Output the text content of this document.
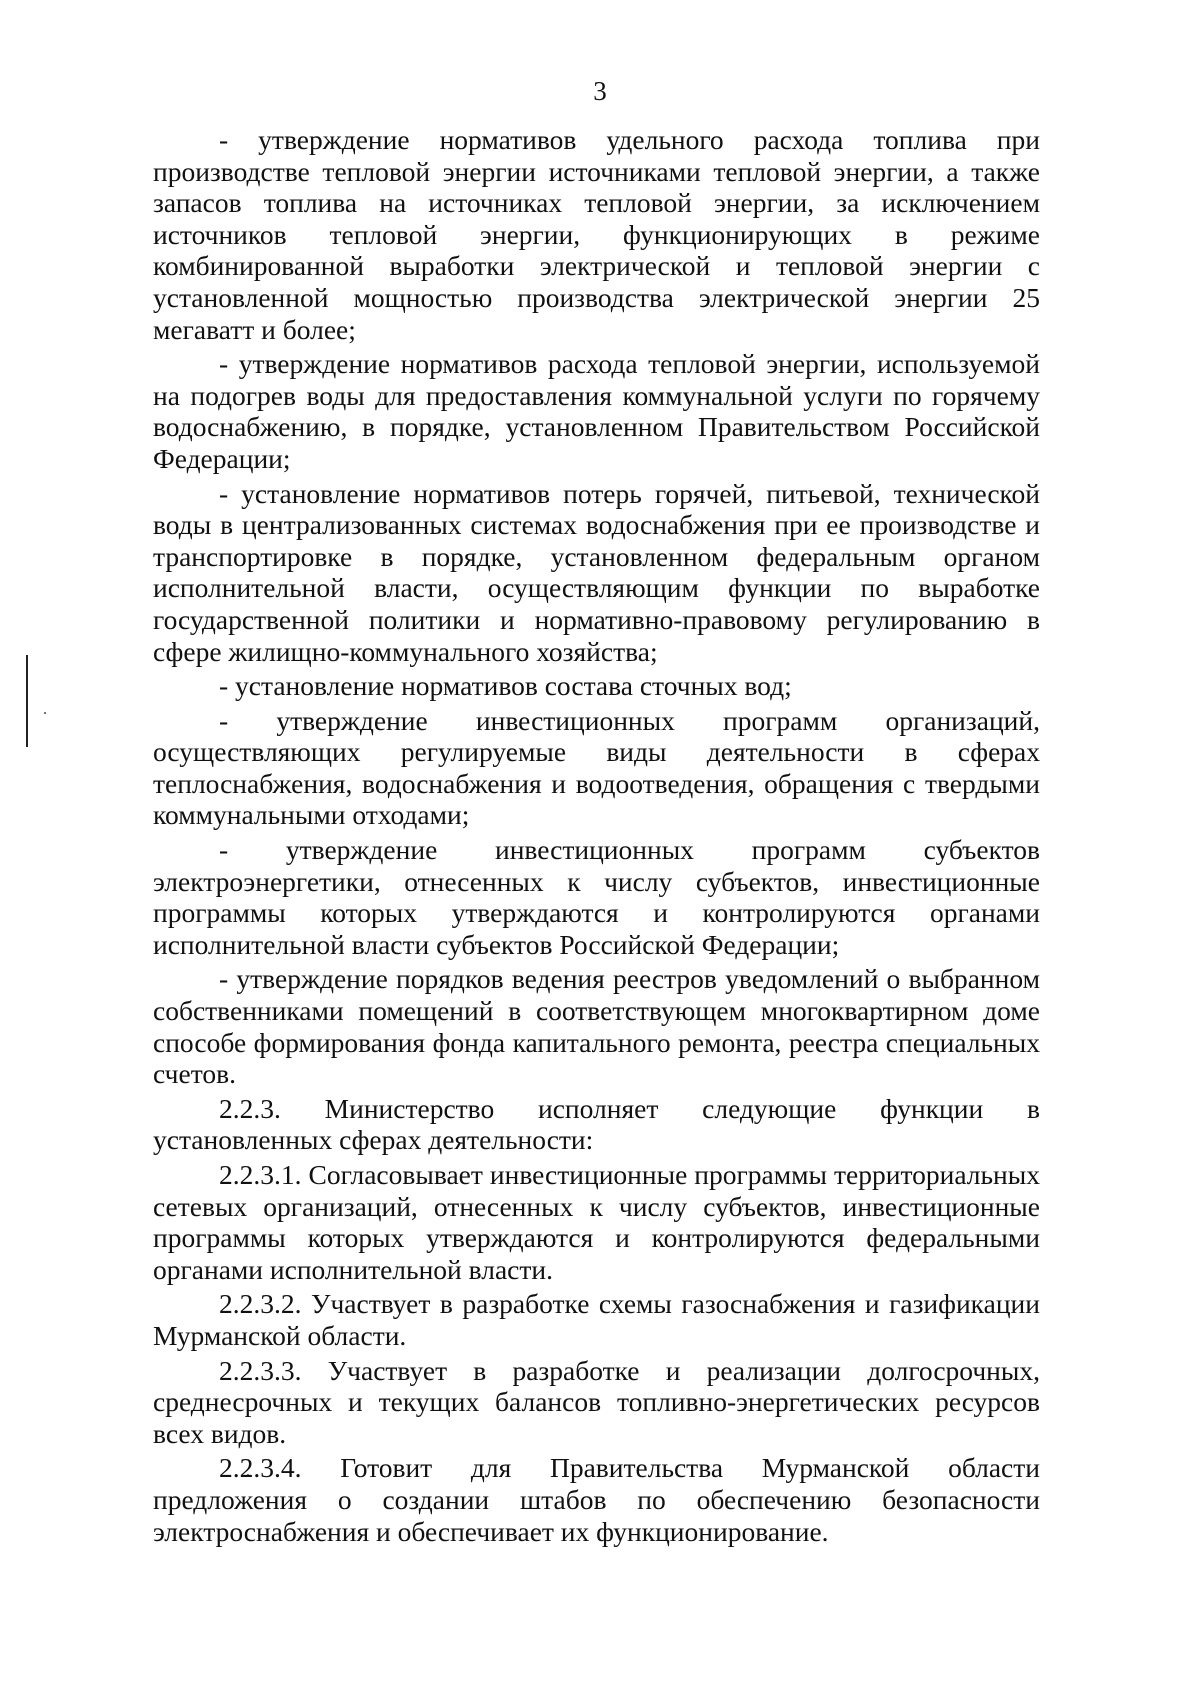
3

- утверждение нормативов удельного расхода топлива при производстве тепловой энергии источниками тепловой энергии, а также запасов топлива на источниках тепловой энергии, за исключением источников тепловой энергии, функционирующих в режиме комбинированной выработки электрической и тепловой энергии с установленной мощностью производства электрической энергии 25 мегаватт и более;

- утверждение нормативов расхода тепловой энергии, используемой на подогрев воды для предоставления коммунальной услуги по горячему водоснабжению, в порядке, установленном Правительством Российской Федерации;

- установление нормативов потерь горячей, питьевой, технической воды в централизованных системах водоснабжения при ее производстве и транспортировке в порядке, установленном федеральным органом исполнительной власти, осуществляющим функции по выработке государственной политики и нормативно-правовому регулированию в сфере жилищно-коммунального хозяйства;

- установление нормативов состава сточных вод;

- утверждение инвестиционных программ организаций, осуществляющих регулируемые виды деятельности в сферах теплоснабжения, водоснабжения и водоотведения, обращения с твердыми коммунальными отходами;

- утверждение инвестиционных программ субъектов электроэнергетики, отнесенных к числу субъектов, инвестиционные программы которых утверждаются и контролируются органами исполнительной власти субъектов Российской Федерации;

- утверждение порядков ведения реестров уведомлений о выбранном собственниками помещений в соответствующем многоквартирном доме способе формирования фонда капитального ремонта, реестра специальных счетов.

2.2.3. Министерство исполняет следующие функции в установленных сферах деятельности:

2.2.3.1. Согласовывает инвестиционные программы территориальных сетевых организаций, отнесенных к числу субъектов, инвестиционные программы которых утверждаются и контролируются федеральными органами исполнительной власти.

2.2.3.2. Участвует в разработке схемы газоснабжения и газификации Мурманской области.

2.2.3.3. Участвует в разработке и реализации долгосрочных, среднесрочных и текущих балансов топливно-энергетических ресурсов всех видов.

2.2.3.4. Готовит для Правительства Мурманской области предложения о создании штабов по обеспечению безопасности электроснабжения и обеспечивает их функционирование.
